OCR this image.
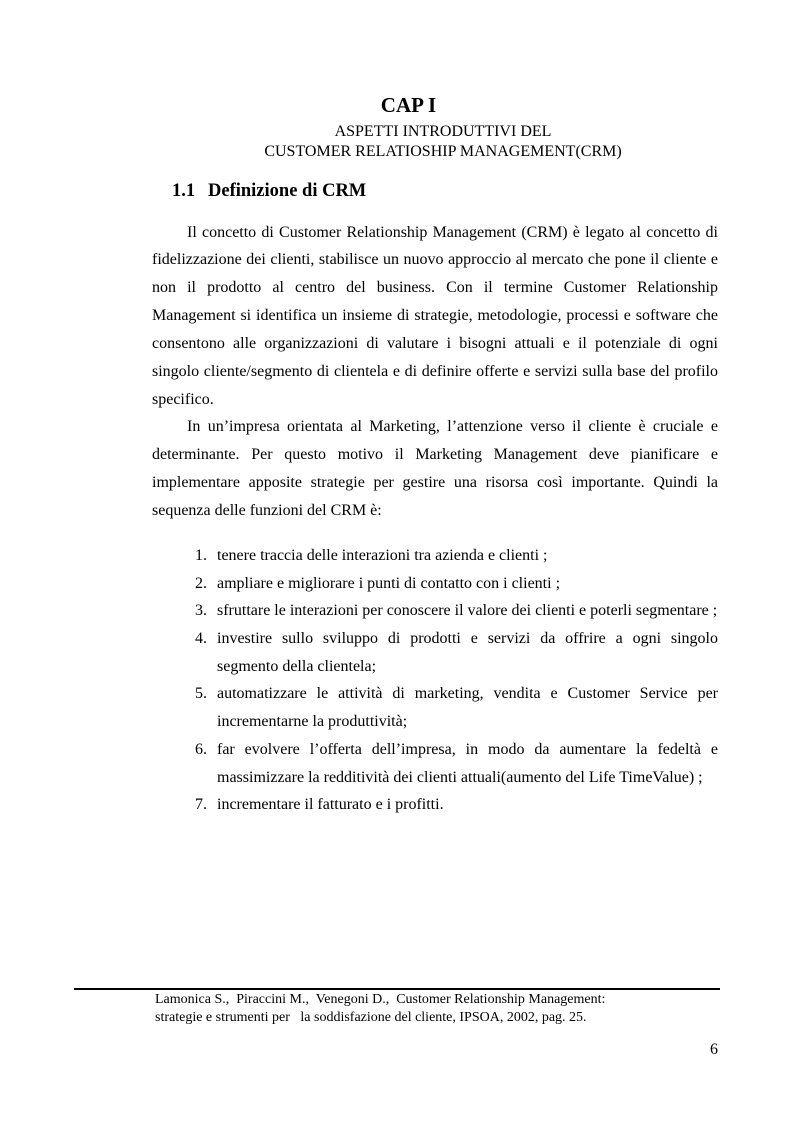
CAP I
ASPETTI INTRODUTTIVI DEL
CUSTOMER RELATIOSHIP MANAGEMENT(CRM)
1.1 Definizione di CRM
Il concetto di Customer Relationship Management (CRM) è legato al concetto di
fidelizzazione dei clienti, stabilisce un nuovo approccio al mercato che pone il cliente e
non il prodotto al centro del business. Con il termine Customer Relationship
Management si identifica un insieme di strategie, metodologie, processi e software che
consentono alle organizzazioni di valutare i bisogni attuali e il potenziale di ogni
singolo cliente/segmento di clientela e di definire offerte e servizi sulla base del profilo
specifico.
In un’impresa orientata al Marketing, l’attenzione verso il cliente è cruciale e
determinante. Per questo motivo il Marketing Management deve pianificare e
implementare apposite strategie per gestire una risorsa così importante. Quindi la
sequenza delle funzioni del CRM è:
1. tenere traccia delle interazioni tra azienda e clienti ;
2. ampliare e migliorare i punti di contatto con i clienti ;
3. sfruttare le interazioni per conoscere il valore dei clienti e poterli segmentare ;
4. investire sullo sviluppo di prodotti e servizi da offrire a ogni singolo
segmento della clientela;
5. automatizzare le attività di marketing, vendita e Customer Service per
incrementarne la produttività;
6. far evolvere l’offerta dell’impresa, in modo da aumentare la fedeltà e
massimizzare la redditività dei clienti attuali(aumento del Life TimeValue) ;
7. incrementare il fatturato e i profitti.
Lamonica S.,  Piraccini M.,  Venegoni D.,  Customer Relationship Management:
strategie e strumenti per   la soddisfazione del cliente, IPSOA, 2002, pag. 25.
6
